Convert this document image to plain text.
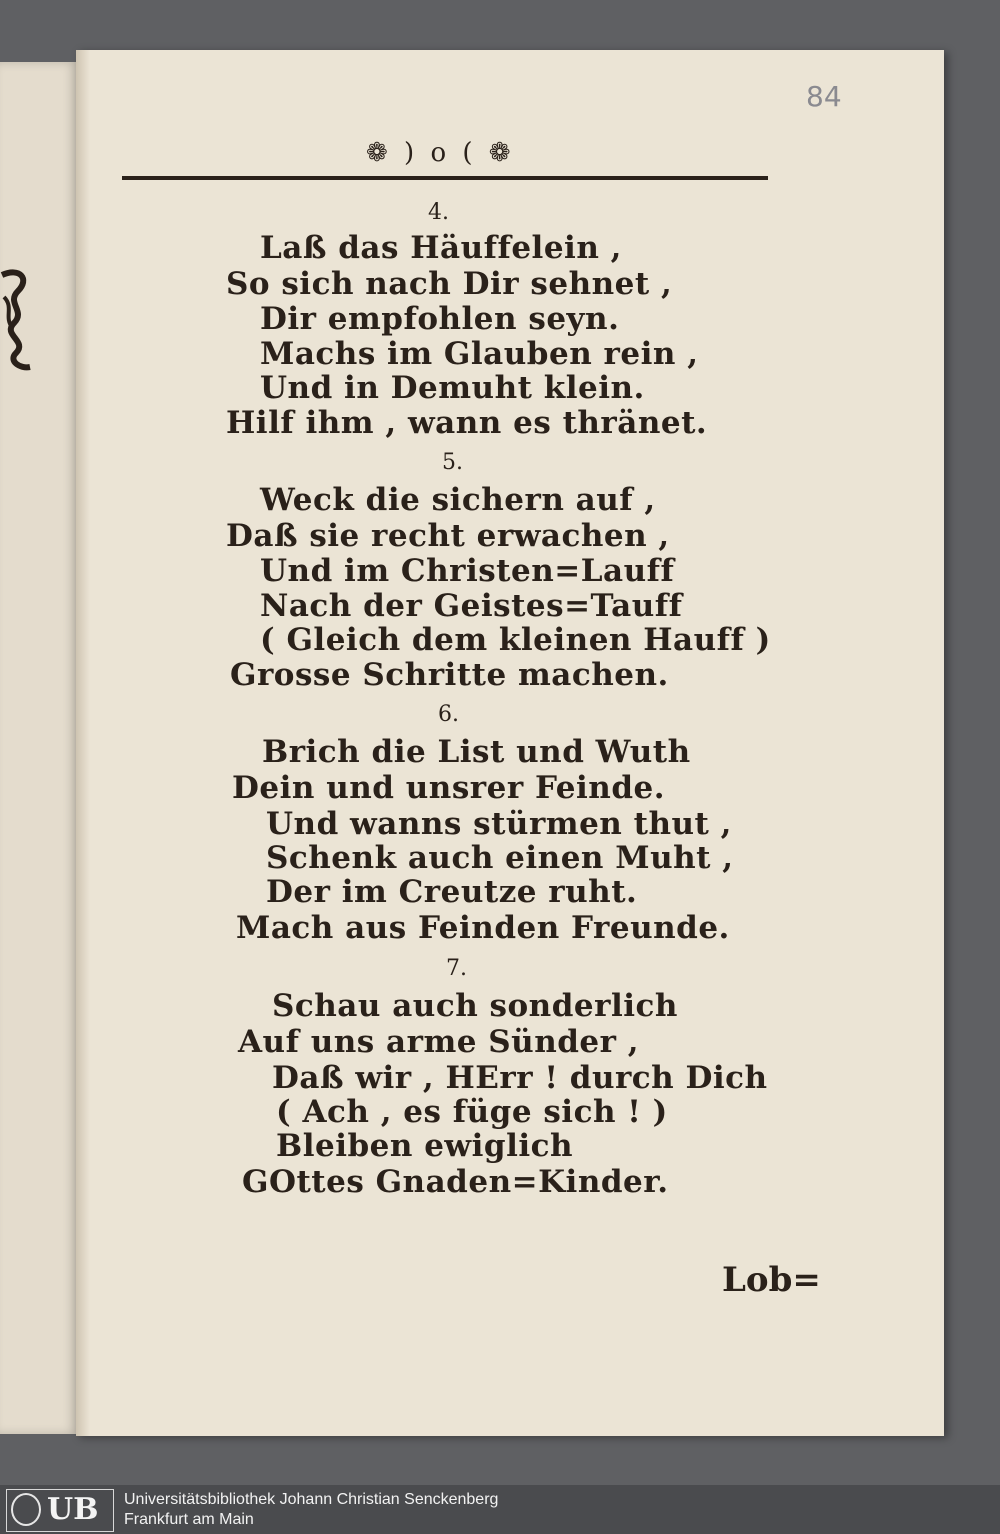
84
❁ ) o ( ❁
4.
Laß das Häuffelein ,
So sich nach Dir sehnet ,
Dir empfohlen seyn.
Machs im Glauben rein ,
Und in Demuht klein.
Hilf ihm , wann es thränet.
5.
Weck die sichern auf ,
Daß sie recht erwachen ,
Und im Christen=Lauff
Nach der Geistes=Tauff
( Gleich dem kleinen Hauff )
Grosse Schritte machen.
6.
Brich die List und Wuth
Dein und unsrer Feinde.
Und wanns stürmen thut ,
Schenk auch einen Muht ,
Der im Creutze ruht.
Mach aus Feinden Freunde.
7.
Schau auch sonderlich
Auf uns arme Sünder ,
Daß wir , HErr ! durch Dich
( Ach , es füge sich ! )
Bleiben ewiglich
GOttes Gnaden=Kinder.
Lob=
UB Universitätsbibliothek Johann Christian Senckenberg
Frankfurt am Main
